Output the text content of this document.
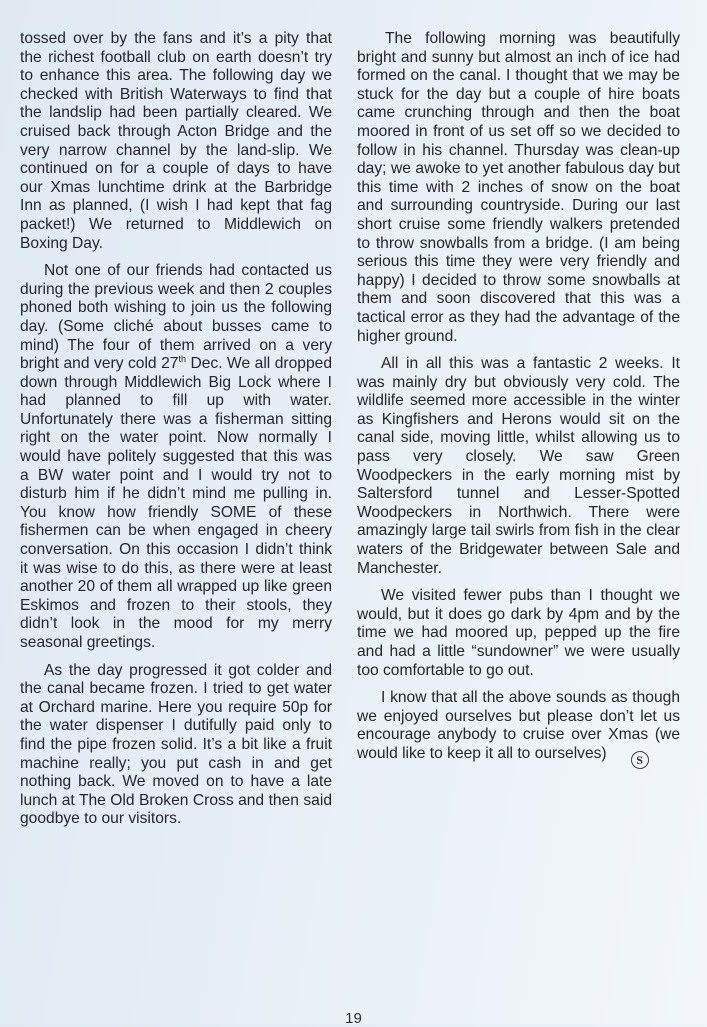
tossed over by the fans and it’s a pity that the richest football club on earth doesn’t try to enhance this area. The following day we checked with British Waterways to find that the landslip had been partially cleared. We cruised back through Acton Bridge and the very narrow channel by the land-slip. We continued on for a couple of days to have our Xmas lunchtime drink at the Barbridge Inn as planned, (I wish I had kept that fag packet!) We returned to Middlewich on Boxing Day.

Not one of our friends had contacted us during the previous week and then 2 couples phoned both wishing to join us the following day. (Some cliché about busses came to mind) The four of them arrived on a very bright and very cold 27th Dec. We all dropped down through Middlewich Big Lock where I had planned to fill up with water. Unfortunately there was a fisherman sitting right on the water point. Now normally I would have politely suggested that this was a BW water point and I would try not to disturb him if he didn’t mind me pulling in. You know how friendly SOME of these fishermen can be when engaged in cheery conversation. On this occasion I didn’t think it was wise to do this, as there were at least another 20 of them all wrapped up like green Eskimos and frozen to their stools, they didn’t look in the mood for my merry seasonal greetings.

As the day progressed it got colder and the canal became frozen. I tried to get water at Orchard marine. Here you require 50p for the water dispenser I dutifully paid only to find the pipe frozen solid. It’s a bit like a fruit machine really; you put cash in and get nothing back. We moved on to have a late lunch at The Old Broken Cross and then said goodbye to our visitors.

The following morning was beautifully bright and sunny but almost an inch of ice had formed on the canal. I thought that we may be stuck for the day but a couple of hire boats came crunching through and then the boat moored in front of us set off so we decided to follow in his channel. Thursday was clean-up day; we awoke to yet another fabulous day but this time with 2 inches of snow on the boat and surrounding countryside. During our last short cruise some friendly walkers pretended to throw snowballs from a bridge. (I am being serious this time they were very friendly and happy) I decided to throw some snowballs at them and soon discovered that this was a tactical error as they had the advantage of the higher ground.

All in all this was a fantastic 2 weeks. It was mainly dry but obviously very cold. The wildlife seemed more accessible in the winter as Kingfishers and Herons would sit on the canal side, moving little, whilst allowing us to pass very closely. We saw Green Woodpeckers in the early morning mist by Saltersford tunnel and Lesser-Spotted Woodpeckers in Northwich. There were amazingly large tail swirls from fish in the clear waters of the Bridgewater between Sale and Manchester.

We visited fewer pubs than I thought we would, but it does go dark by 4pm and by the time we had moored up, pepped up the fire and had a little “sundowner” we were usually too comfortable to go out.

I know that all the above sounds as though we enjoyed ourselves but please don’t let us encourage anybody to cruise over Xmas (we would like to keep it all to ourselves) S

19
